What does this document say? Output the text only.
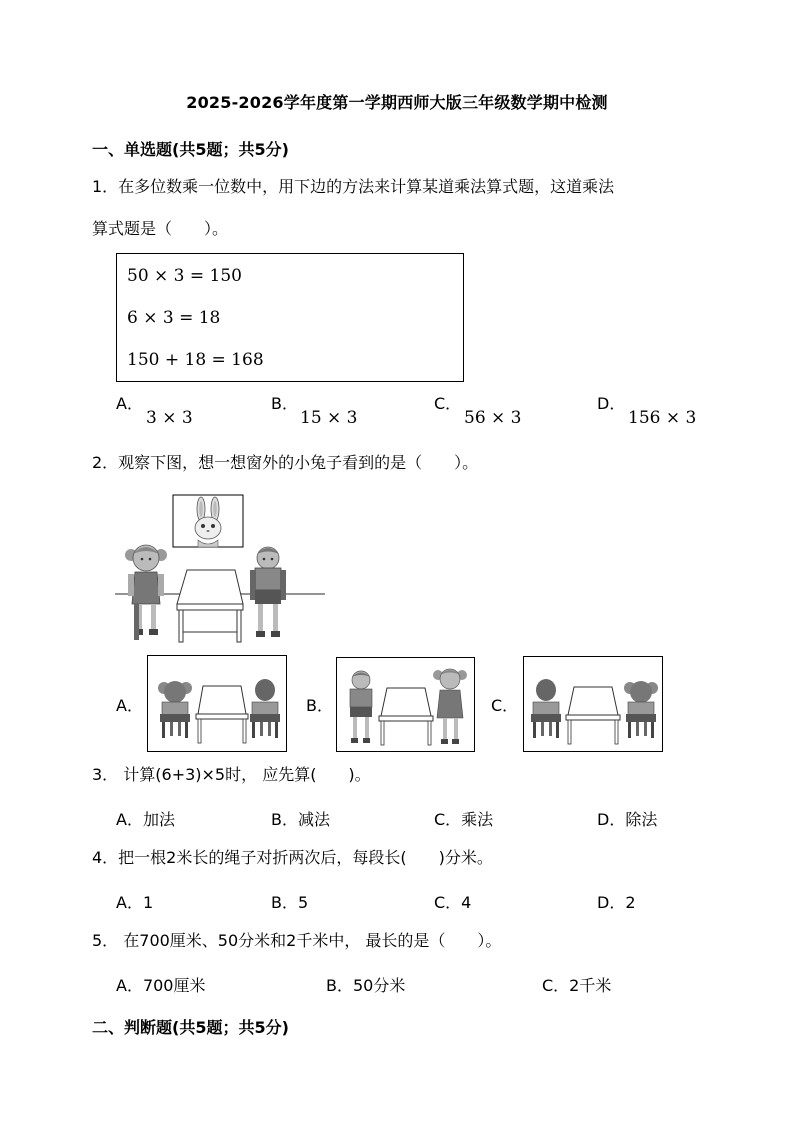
2025-2026学年度第一学期西师大版三年级数学期中检测
一、单选题(共5题；共5分)
1．在多位数乘一位数中，用下边的方法来计算某道乘法算式题，这道乘法
算式题是（　　）。
50 × 3 = 150
6 × 3 = 18
150 + 18 = 168
A．
3 × 3
B．
15 × 3
C．
56 × 3
D．
156 × 3
2．观察下图，想一想窗外的小兔子看到的是（　　）。
A．	B．	C．
3． 计算(6+3)×5时， 应先算(　　)。
A．加法	B．减法	C．乘法	D．除法
4．把一根2米长的绳子对折两次后，每段长(　　)分米。
A．1	B．5	C．4	D．2
5． 在700厘米、50分米和2千米中， 最长的是（　　）。
A．700厘米	B．50分米	C．2千米
二、判断题(共5题；共5分)
